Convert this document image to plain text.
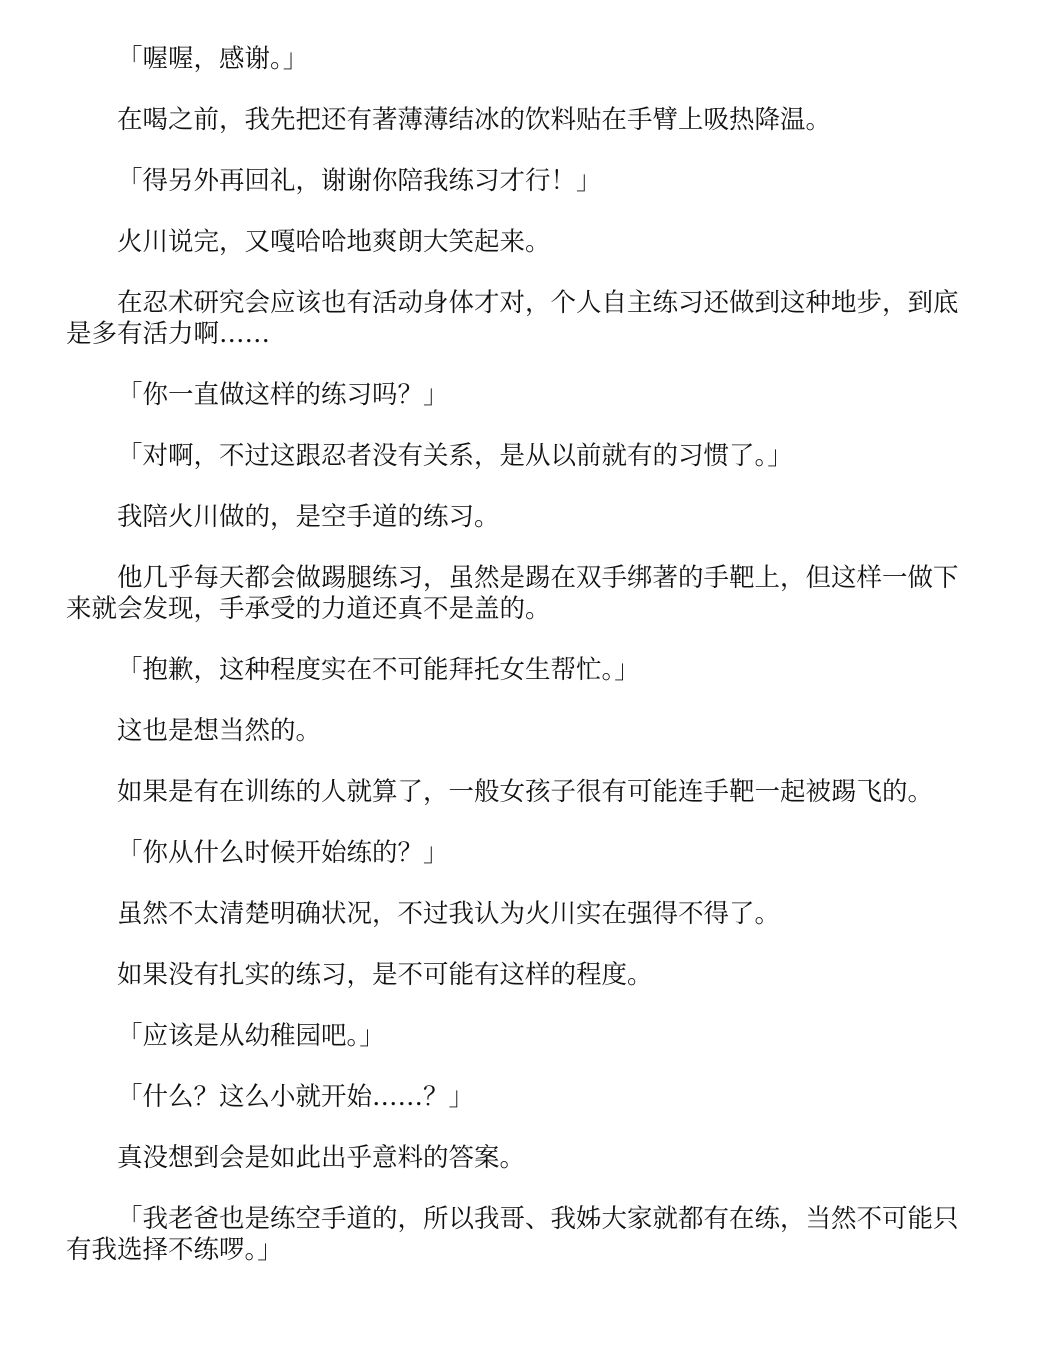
「喔喔，感谢。」

在喝之前，我先把还有著薄薄结冰的饮料贴在手臂上吸热降温。

「得另外再回礼，谢谢你陪我练习才行！」

火川说完，又嘎哈哈地爽朗大笑起来。

在忍术研究会应该也有活动身体才对，个人自主练习还做到这种地步，到底是多有活力啊……

「你一直做这样的练习吗？」

「对啊，不过这跟忍者没有关系，是从以前就有的习惯了。」

我陪火川做的，是空手道的练习。

他几乎每天都会做踢腿练习，虽然是踢在双手绑著的手靶上，但这样一做下来就会发现，手承受的力道还真不是盖的。

「抱歉，这种程度实在不可能拜托女生帮忙。」

这也是想当然的。

如果是有在训练的人就算了，一般女孩子很有可能连手靶一起被踢飞的。

「你从什么时候开始练的？」

虽然不太清楚明确状况，不过我认为火川实在强得不得了。

如果没有扎实的练习，是不可能有这样的程度。

「应该是从幼稚园吧。」

「什么？这么小就开始……？」

真没想到会是如此出乎意料的答案。

「我老爸也是练空手道的，所以我哥、我姊大家就都有在练，当然不可能只有我选择不练啰。」
